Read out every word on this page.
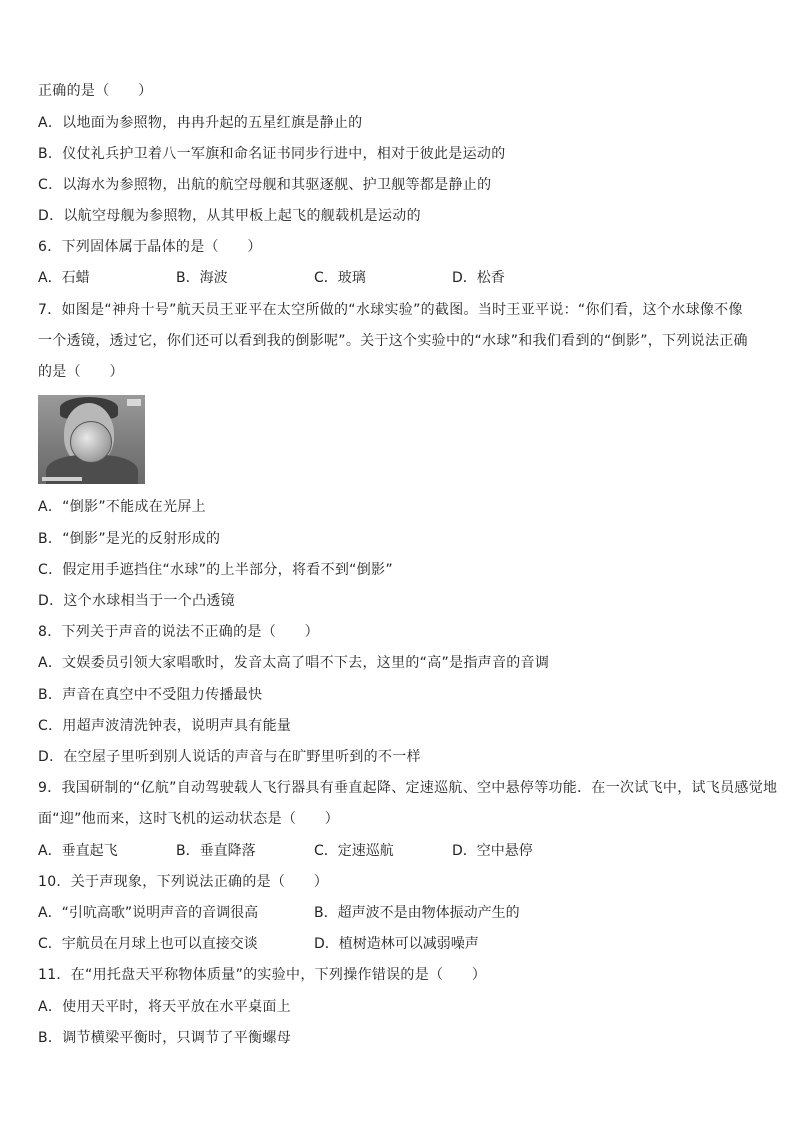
正确的是（　　）
A．以地面为参照物，冉冉升起的五星红旗是静止的
B．仪仗礼兵护卫着八一军旗和命名证书同步行进中，相对于彼此是运动的
C．以海水为参照物，出航的航空母舰和其驱逐舰、护卫舰等都是静止的
D．以航空母舰为参照物，从其甲板上起飞的舰载机是运动的
6．下列固体属于晶体的是（　　）
A．石蜡	B．海波	C．玻璃	D．松香
7．如图是“神舟十号”航天员王亚平在太空所做的“水球实验”的截图。当时王亚平说：“你们看，这个水球像不像
一个透镜，透过它，你们还可以看到我的倒影呢”。关于这个实验中的“水球”和我们看到的“倒影”，下列说法正确
的是（　　）
A．“倒影”不能成在光屏上
B．“倒影”是光的反射形成的
C．假定用手遮挡住“水球”的上半部分，将看不到“倒影”
D．这个水球相当于一个凸透镜
8．下列关于声音的说法不正确的是（　　）
A．文娱委员引领大家唱歌时，发音太高了唱不下去，这里的“高”是指声音的音调
B．声音在真空中不受阻力传播最快
C．用超声波清洗钟表，说明声具有能量
D．在空屋子里听到别人说话的声音与在旷野里听到的不一样
9．我国研制的“亿航”自动驾驶载人飞行器具有垂直起降、定速巡航、空中悬停等功能．在一次试飞中，试飞员感觉地
面“迎”他而来，这时飞机的运动状态是（　　）
A．垂直起飞	B．垂直降落	C．定速巡航	D．空中悬停
10．关于声现象，下列说法正确的是（　　）
A．“引吭高歌”说明声音的音调很高	B．超声波不是由物体振动产生的
C．宇航员在月球上也可以直接交谈	D．植树造林可以减弱噪声
11．在“用托盘天平称物体质量”的实验中，下列操作错误的是（　　）
A．使用天平时，将天平放在水平桌面上
B．调节横梁平衡时，只调节了平衡螺母
